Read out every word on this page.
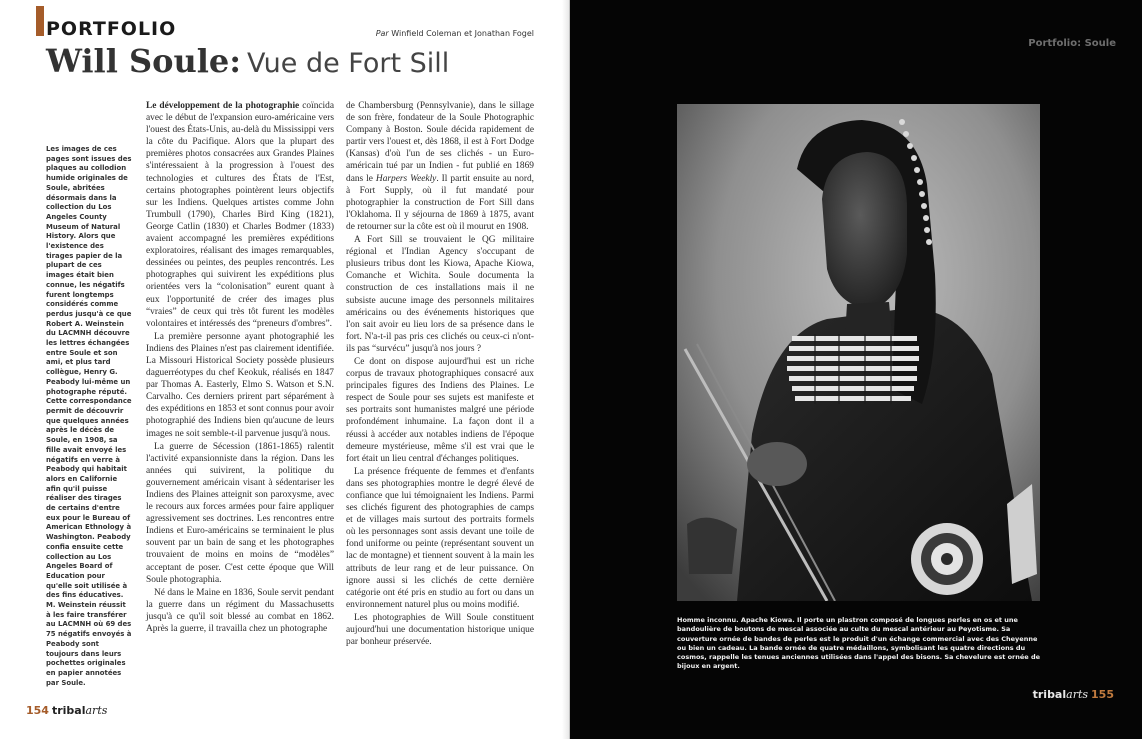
PORTFOLIO	Par Winfield Coleman et Jonathan Fogel
Will Soule: Vue de Fort Sill

Les images de ces pages sont issues des plaques au collodion humide originales de Soule, abritées désormais dans la collection du Los Angeles County Museum of Natural History. Alors que l'existence des tirages papier de la plupart de ces images était bien connue, les négatifs furent longtemps considérés comme perdus jusqu'à ce que Robert A. Weinstein du LACMNH découvre les lettres échangées entre Soule et son ami, et plus tard collègue, Henry G. Peabody lui-même un photographe réputé. Cette correspondance permit de découvrir que quelques années après le décès de Soule, en 1908, sa fille avait envoyé les négatifs en verre à Peabody qui habitait alors en Californie afin qu'il puisse réaliser des tirages de certains d'entre eux pour le Bureau of American Ethnology à Washington. Peabody confia ensuite cette collection au Los Angeles Board of Education pour qu'elle soit utilisée à des fins éducatives.

M. Weinstein réussit à les faire transférer au LACMNH où 69 des 75 négatifs envoyés à Peabody sont toujours dans leurs pochettes originales en papier annotées par Soule.

Le développement de la photographie coïncida avec le début de l'expansion euro-américaine vers l'ouest des États-Unis, au-delà du Mississippi vers la côte du Pacifique. Alors que la plupart des premières photos consacrées aux Grandes Plaines s'intéressaient à la progression à l'ouest des technologies et cultures des États de l'Est, certains photographes pointèrent leurs objectifs sur les Indiens. Quelques artistes comme John Trumbull (1790), Charles Bird King (1821), George Catlin (1830) et Charles Bodmer (1833) avaient accompagné les premières expéditions exploratoires, réalisant des images remarquables, dessinées ou peintes, des peuples rencontrés. Les photographes qui suivirent les expéditions plus orientées vers la “colonisation” eurent quant à eux l'opportunité de créer des images plus “vraies” de ceux qui très tôt furent les modèles volontaires et intéressés des “preneurs d'ombres”.

La première personne ayant photographié les Indiens des Plaines n'est pas clairement identifiée. La Missouri Historical Society possède plusieurs daguerréotypes du chef Keokuk, réalisés en 1847 par Thomas A. Easterly, Elmo S. Watson et S.N. Carvalho. Ces derniers prirent part séparément à des expéditions en 1853 et sont connus pour avoir photographié des Indiens bien qu'aucune de leurs images ne soit semble-t-il parvenue jusqu'à nous.

La guerre de Sécession (1861-1865) ralentit l'activité expansionniste dans la région. Dans les années qui suivirent, la politique du gouvernement américain visant à sédentariser les Indiens des Plaines atteignit son paroxysme, avec le recours aux forces armées pour faire appliquer agressivement ses doctrines. Les rencontres entre Indiens et Euro-américains se terminaient le plus souvent par un bain de sang et les photographes trouvaient de moins en moins de “modèles” acceptant de poser. C'est cette époque que Will Soule photographia.

Né dans le Maine en 1836, Soule servit pendant la guerre dans un régiment du Massachusetts jusqu'à ce qu'il soit blessé au combat en 1862. Après la guerre, il travailla chez un photographe

de Chambersburg (Pennsylvanie), dans le sillage de son frère, fondateur de la Soule Photographic Company à Boston. Soule décida rapidement de partir vers l'ouest et, dès 1868, il est à Fort Dodge (Kansas) d'où l'un de ses clichés - un Euro-américain tué par un Indien - fut publié en 1869 dans le Harpers Weekly. Il partit ensuite au nord, à Fort Supply, où il fut mandaté pour photographier la construction de Fort Sill dans l'Oklahoma. Il y séjourna de 1869 à 1875, avant de retourner sur la côte est où il mourut en 1908.

A Fort Sill se trouvaient le QG militaire régional et l'Indian Agency s'occupant de plusieurs tribus dont les Kiowa, Apache Kiowa, Comanche et Wichita. Soule documenta la construction de ces installations mais il ne subsiste aucune image des personnels militaires américains ou des événements historiques que l'on sait avoir eu lieu lors de sa présence dans le fort. N'a-t-il pas pris ces clichés ou ceux-ci n'ont-ils pas “survécu” jusqu'à nos jours ?

Ce dont on dispose aujourd'hui est un riche corpus de travaux photographiques consacré aux principales figures des Indiens des Plaines. Le respect de Soule pour ses sujets est manifeste et ses portraits sont humanistes malgré une période profondément inhumaine. La façon dont il a réussi à accéder aux notables indiens de l'époque demeure mystérieuse, même s'il est vrai que le fort était un lieu central d'échanges politiques.

La présence fréquente de femmes et d'enfants dans ses photographies montre le degré élevé de confiance que lui témoignaient les Indiens. Parmi ses clichés figurent des photographies de camps et de villages mais surtout des portraits formels où les personnages sont assis devant une toile de fond uniforme ou peinte (représentant souvent un lac de montagne) et tiennent souvent à la main les attributs de leur rang et de leur puissance. On ignore aussi si les clichés de cette dernière catégorie ont été pris en studio au fort ou dans un environnement naturel plus ou moins modifié.

Les photographies de Will Soule constituent aujourd'hui une documentation historique unique par bonheur préservée.

154 tribalarts
Portfolio: Soule
Homme inconnu. Apache Kiowa. Il porte un plastron composé de longues perles en os et une bandoulière de boutons de mescal associée au culte du mescal antérieur au Peyotisme. Sa couverture ornée de bandes de perles est le produit d'un échange commercial avec des Cheyenne ou bien un cadeau. La bande ornée de quatre médaillons, symbolisant les quatre directions du cosmos, rappelle les tenues anciennes utilisées dans l'appel des bisons. Sa chevelure est ornée de bijoux en argent.
tribalarts 155
